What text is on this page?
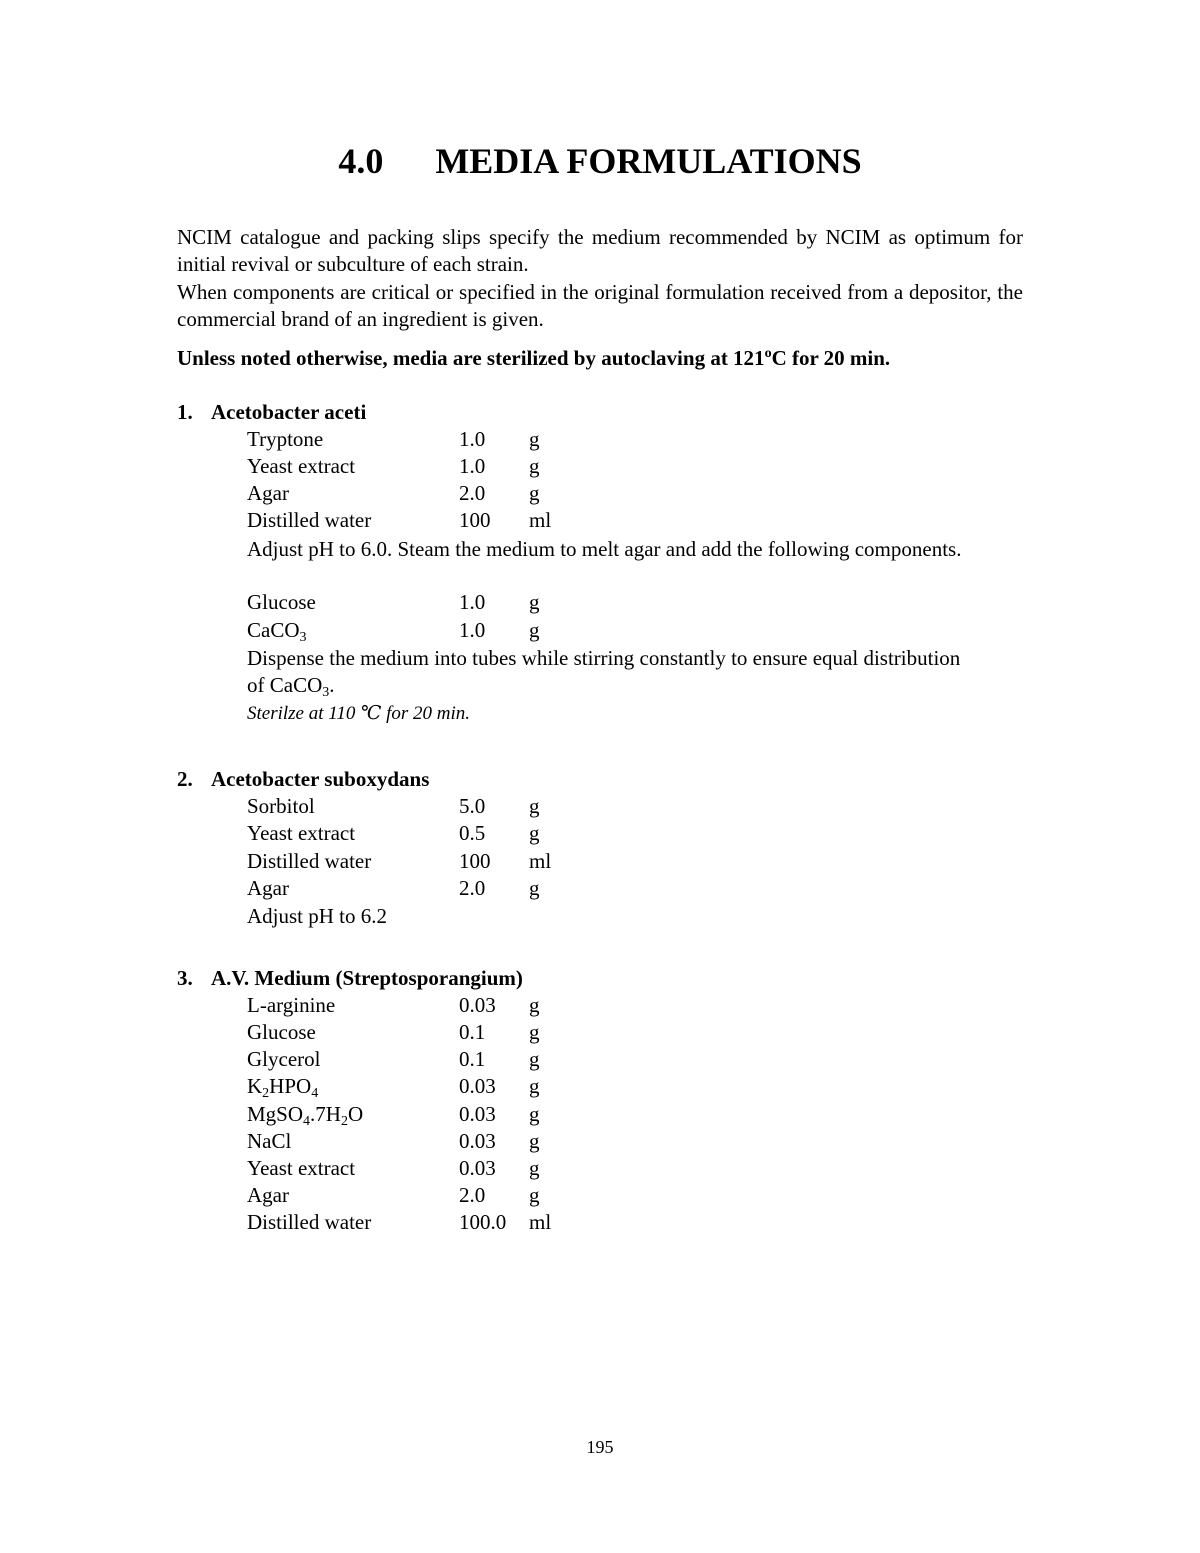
4.0 MEDIA FORMULATIONS
NCIM catalogue and packing slips specify the medium recommended by NCIM as optimum for initial revival or subculture of each strain.
When components are critical or specified in the original formulation received from a depositor, the commercial brand of an ingredient is given.
Unless noted otherwise, media are sterilized by autoclaving at 121$^o$C for 20 min.
1. Acetobacter aceti
Tryptone	1.0 g
Yeast extract	1.0 g
Agar	2.0 g
Distilled water	100 ml
Adjust pH to 6.0. Steam the medium to melt agar and add the following components.
Glucose	1.0 g
CaCO$_3$	1.0 g
Dispense the medium into tubes while stirring constantly to ensure equal distribution of CaCO$_3$.
Sterilze at 110 ℃ for 20 min.
2. Acetobacter suboxydans
Sorbitol	5.0 g
Yeast extract	0.5 g
Distilled water	100 ml
Agar	2.0 g
Adjust pH to 6.2
3. A.V. Medium (Streptosporangium)
L-arginine	0.03 g
Glucose	0.1 g
Glycerol	0.1 g
$K_2HPO_4$	0.03 g
$MgSO_4.7H_2O$	0.03 g
NaCl	0.03 g
Yeast extract	0.03 g
Agar	2.0 g
Distilled water	100.0 ml
195
